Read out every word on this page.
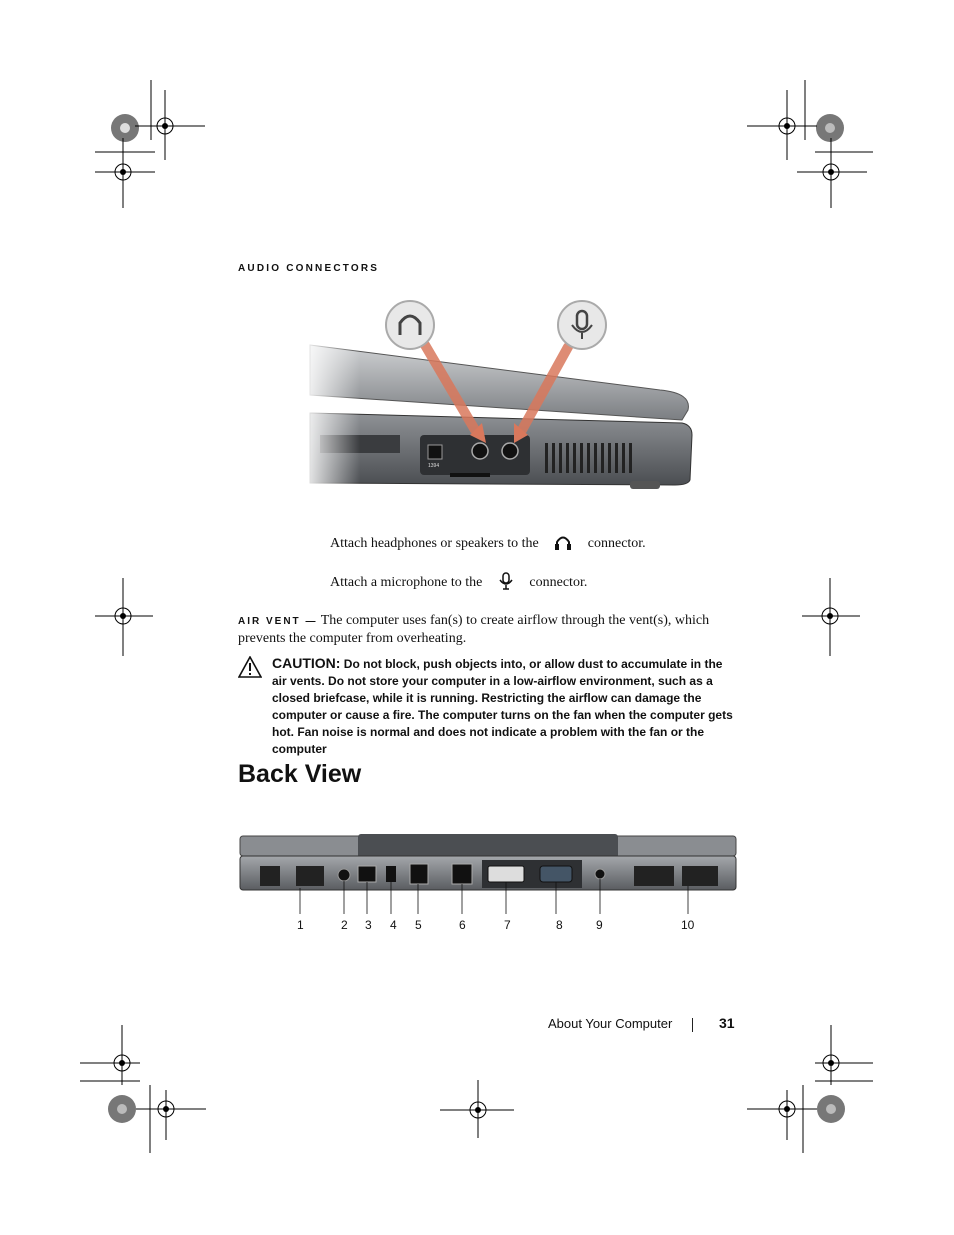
AUDIO CONNECTORS
1394
Attach headphones or speakers to the	connector.
Attach a microphone to the	connector.
AIR VENT — The computer uses fan(s) to create airflow through the vent(s), which prevents the computer from overheating.
CAUTION: Do not block, push objects into, or allow dust to accumulate in the air vents. Do not store your computer in a low-airflow environment, such as a closed briefcase, while it is running. Restricting the airflow can damage the computer or cause a fire. The computer turns on the fan when the computer gets hot. Fan noise is normal and does not indicate a problem with the fan or the computer
Back View
1	2 3 4 5	6	7	8	9	10
About Your Computer	31
